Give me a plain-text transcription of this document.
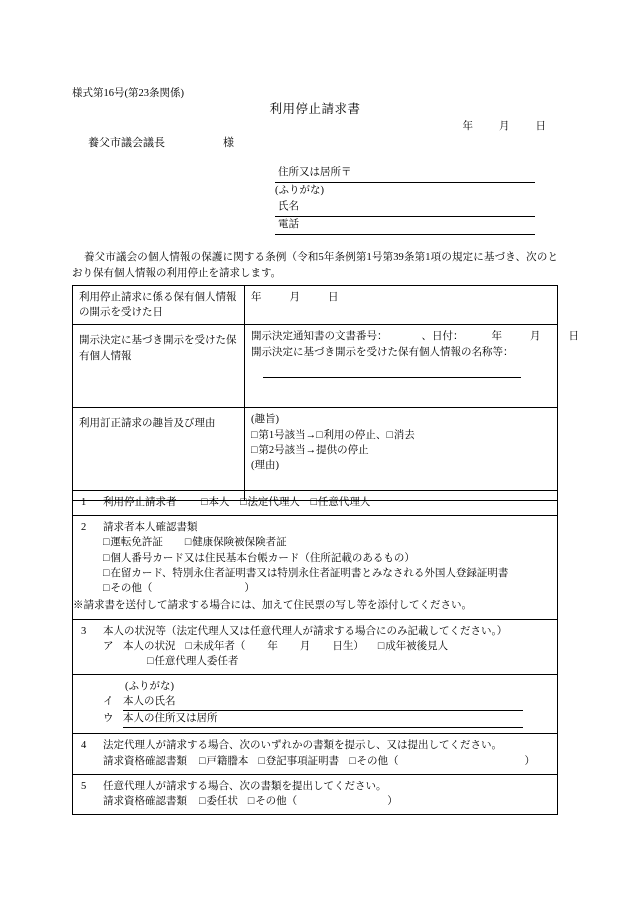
様式第16号(第23条関係)
利用停止請求書
年 月 日
養父市議会議長	様
住所又は居所〒
(ふりがな)
氏名
電話
養父市議会の個人情報の保護に関する条例（令和5年条例第1号第39条第1項の規定に基づき、次のとおり保有個人情報の利用停止を請求します。
利用停止請求に係る保有個人情報の開示を受けた日	年 月 日
開示決定に基づき開示を受けた保有個人情報	開示決定通知書の文書番号： 、日付： 年 月 日
開示決定に基づき開示を受けた保有個人情報の名称等：

利用訂正請求の趣旨及び理由	(趣旨)
□ 第1号該当→ □ 利用の停止、 □ 消去
□ 第2号該当→提供の停止
(理由)
1 利用停止請求者	□ 本人 □ 法定代理人 □ 任意代理人

2 請求者本人確認書類
□ 運転免許証	□ 健康保険被保険者証
□ 個人番号カード又は住民基本台帳カード（住所記載のあるもの）
□ 在留カード、特別永住者証明書又は特別永住者証明書とみなされる外国人登録証明書
□ その他（	）
※請求書を送付して請求する場合には、加えて住民票の写し等を添付してください。

3 本人の状況等（法定代理人又は任意代理人が請求する場合にのみ記載してください。）
ア 本人の状況 □ 未成年者（ 年 月 日生） □ 成年被後見人
□ 任意代理人委任者

(ふりがな)
イ 本人の氏名
ウ 本人の住所又は居所

4 法定代理人が請求する場合、次のいずれかの書類を提示し、又は提出してください。
請求資格確認書類 □ 戸籍謄本 □ 登記事項証明書 □ その他（	）

5 任意代理人が請求する場合、次の書類を提出してください。
請求資格確認書類 □ 委任状 □ その他（	）
